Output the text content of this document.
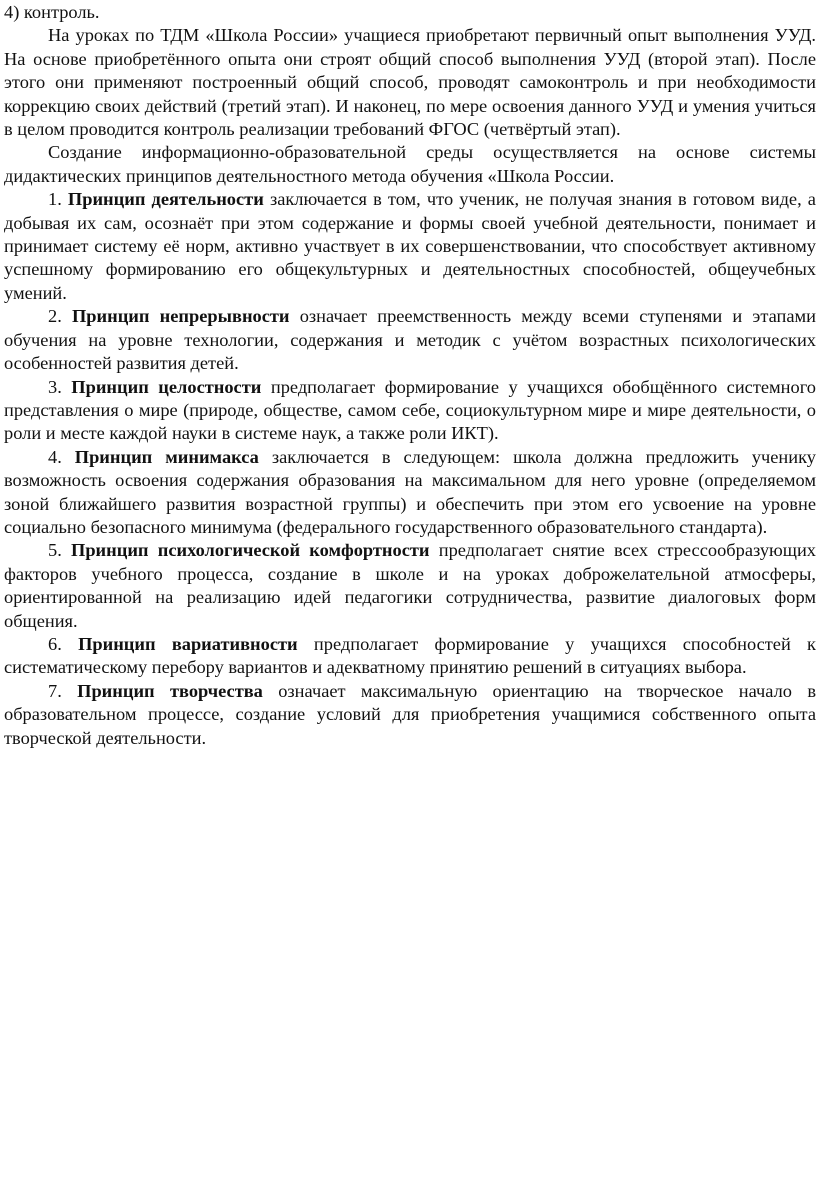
4) контроль.

На уроках по ТДМ «Школа России» учащиеся приобретают первичный опыт выполнения УУД. На основе приобретённого опыта они строят общий способ выполнения УУД (второй этап). После этого они применяют построенный общий способ, проводят самоконтроль и при необходимости коррекцию своих действий (третий этап). И наконец, по мере освоения данного УУД и умения учиться в целом проводится контроль реализации требований ФГОС (четвёртый этап).

Создание информационно-образовательной среды осуществляется на основе системы дидактических принципов деятельностного метода обучения «Школа России.

1. Принцип деятельности заключается в том, что ученик, не получая знания в готовом виде, а добывая их сам, осознаёт при этом содержание и формы своей учебной деятельности, понимает и принимает систему её норм, активно участвует в их совершенствовании, что способствует активному успешному формированию его общекультурных и деятельностных способностей, общеучебных умений.

2. Принцип непрерывности означает преемственность между всеми ступенями и этапами обучения на уровне технологии, содержания и методик с учётом возрастных психологических особенностей развития детей.

3. Принцип целостности предполагает формирование у учащихся обобщённого системного представления о мире (природе, обществе, самом себе, социокультурном мире и мире деятельности, о роли и месте каждой науки в системе наук, а также роли ИКТ).

4. Принцип минимакса заключается в следующем: школа должна предложить ученику возможность освоения содержания образования на максимальном для него уровне (определяемом зоной ближайшего развития возрастной группы) и обеспечить при этом его усвоение на уровне социально безопасного минимума (федерального государственного образовательного стандарта).

5. Принцип психологической комфортности предполагает снятие всех стрессообразующих факторов учебного процесса, создание в школе и на уроках доброжелательной атмосферы, ориентированной на реализацию идей педагогики сотрудничества, развитие диалоговых форм общения.

6. Принцип вариативности предполагает формирование у учащихся способностей к систематическому перебору вариантов и адекватному принятию решений в ситуациях выбора.

7. Принцип творчества означает максимальную ориентацию на творческое начало в образовательном процессе, создание условий для приобретения учащимися собственного опыта творческой деятельности.
